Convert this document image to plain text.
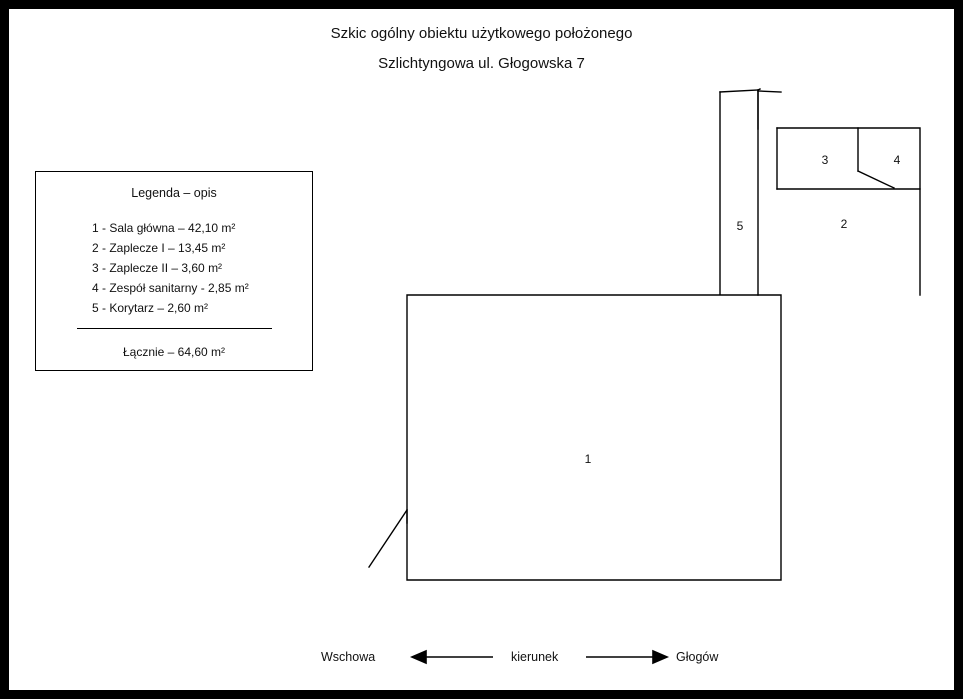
Szkic ogólny obiektu użytkowego położonego
Szlichtyngowa ul. Głogowska 7
Legenda – opis
1 - Sala główna – 42,10 m²
2 - Zaplecze I – 13,45 m²
3 - Zaplecze II – 3,60 m²
4 - Zespół sanitarny - 2,85 m²
5 - Korytarz – 2,60 m²
Łącznie – 64,60 m²
1
2
3	4
5
Wschowa	kierunek	Głogów
